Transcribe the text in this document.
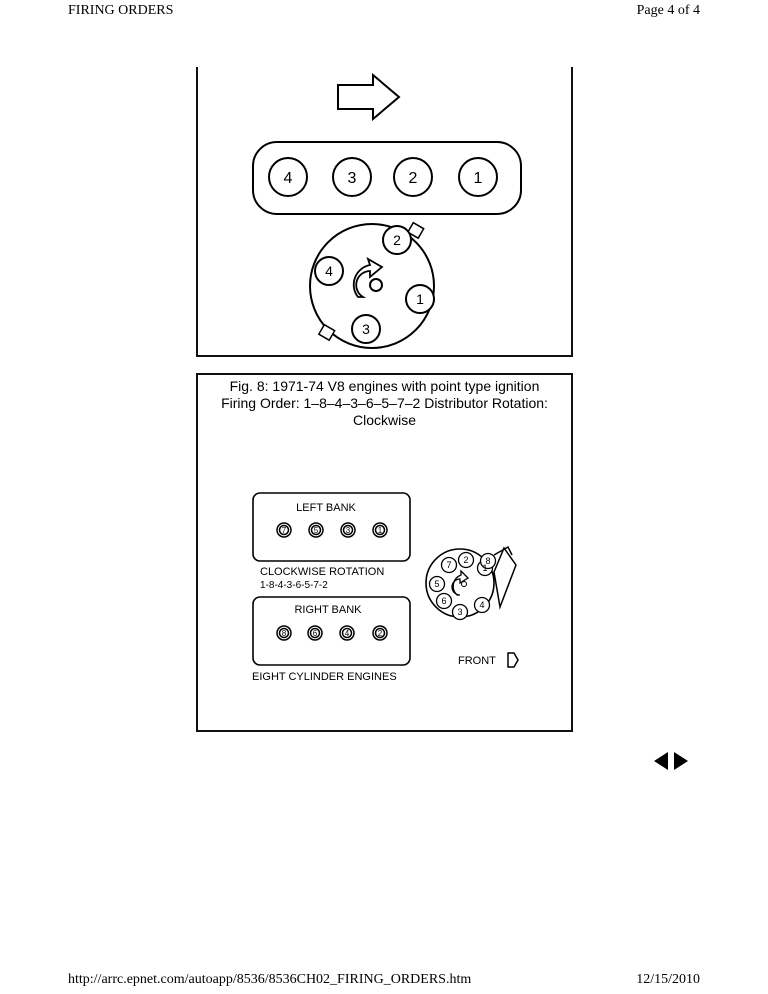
FIRING ORDERS	Page 4 of 4
4	3	2	1
2
4
1
3
Fig. 8: 1971-74 V8 engines with point type ignition
Firing Order: 1–8–4–3–6–5–7–2 Distributor Rotation:
Clockwise
LEFT BANK
7	5	3	1
CLOCKWISE ROTATION
1-8-4-3-6-5-7-2
RIGHT BANK
8	6	4	2
EIGHT CYLINDER ENGINES
7 2
1
8
4
3
6
5
FRONT
http://arrc.epnet.com/autoapp/8536/8536CH02_FIRING_ORDERS.htm	12/15/2010
